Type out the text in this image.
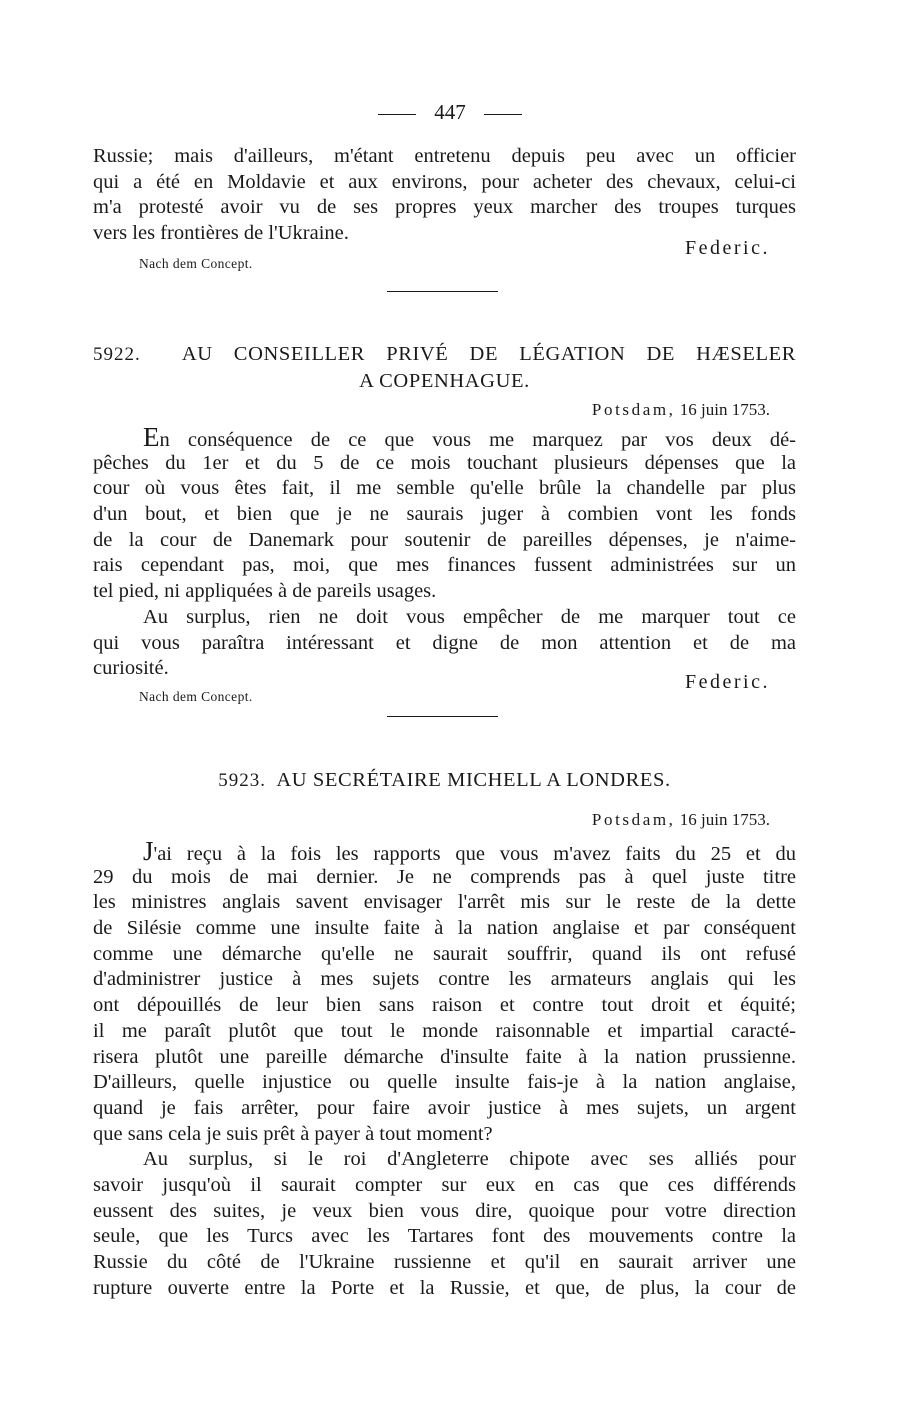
447
Russie; mais d'ailleurs, m'étant entretenu depuis peu avec un officier
qui a été en Moldavie et aux environs, pour acheter des chevaux, celui-ci
m'a protesté avoir vu de ses propres yeux marcher des troupes turques
vers les frontières de l'Ukraine.
Federic.
Nach dem Concept.
5922. AU CONSEILLER PRIVÉ DE LÉGATION DE HÆSELER
A COPENHAGUE.
Potsdam, 16 juin 1753.
En conséquence de ce que vous me marquez par vos deux dé-
pêches du 1er et du 5 de ce mois touchant plusieurs dépenses que la
cour où vous êtes fait, il me semble qu'elle brûle la chandelle par plus
d'un bout, et bien que je ne saurais juger à combien vont les fonds
de la cour de Danemark pour soutenir de pareilles dépenses, je n'aime-
rais cependant pas, moi, que mes finances fussent administrées sur un
tel pied, ni appliquées à de pareils usages.
Au surplus, rien ne doit vous empêcher de me marquer tout ce
qui vous paraîtra intéressant et digne de mon attention et de ma
curiosité.
Federic.
Nach dem Concept.
5923. AU SECRÉTAIRE MICHELL A LONDRES.
Potsdam, 16 juin 1753.
J'ai reçu à la fois les rapports que vous m'avez faits du 25 et du
29 du mois de mai dernier. Je ne comprends pas à quel juste titre
les ministres anglais savent envisager l'arrêt mis sur le reste de la dette
de Silésie comme une insulte faite à la nation anglaise et par conséquent
comme une démarche qu'elle ne saurait souffrir, quand ils ont refusé
d'administrer justice à mes sujets contre les armateurs anglais qui les
ont dépouillés de leur bien sans raison et contre tout droit et équité;
il me paraît plutôt que tout le monde raisonnable et impartial caracté-
risera plutôt une pareille démarche d'insulte faite à la nation prussienne.
D'ailleurs, quelle injustice ou quelle insulte fais-je à la nation anglaise,
quand je fais arrêter, pour faire avoir justice à mes sujets, un argent
que sans cela je suis prêt à payer à tout moment?
Au surplus, si le roi d'Angleterre chipote avec ses alliés pour
savoir jusqu'où il saurait compter sur eux en cas que ces différends
eussent des suites, je veux bien vous dire, quoique pour votre direction
seule, que les Turcs avec les Tartares font des mouvements contre la
Russie du côté de l'Ukraine russienne et qu'il en saurait arriver une
rupture ouverte entre la Porte et la Russie, et que, de plus, la cour de
